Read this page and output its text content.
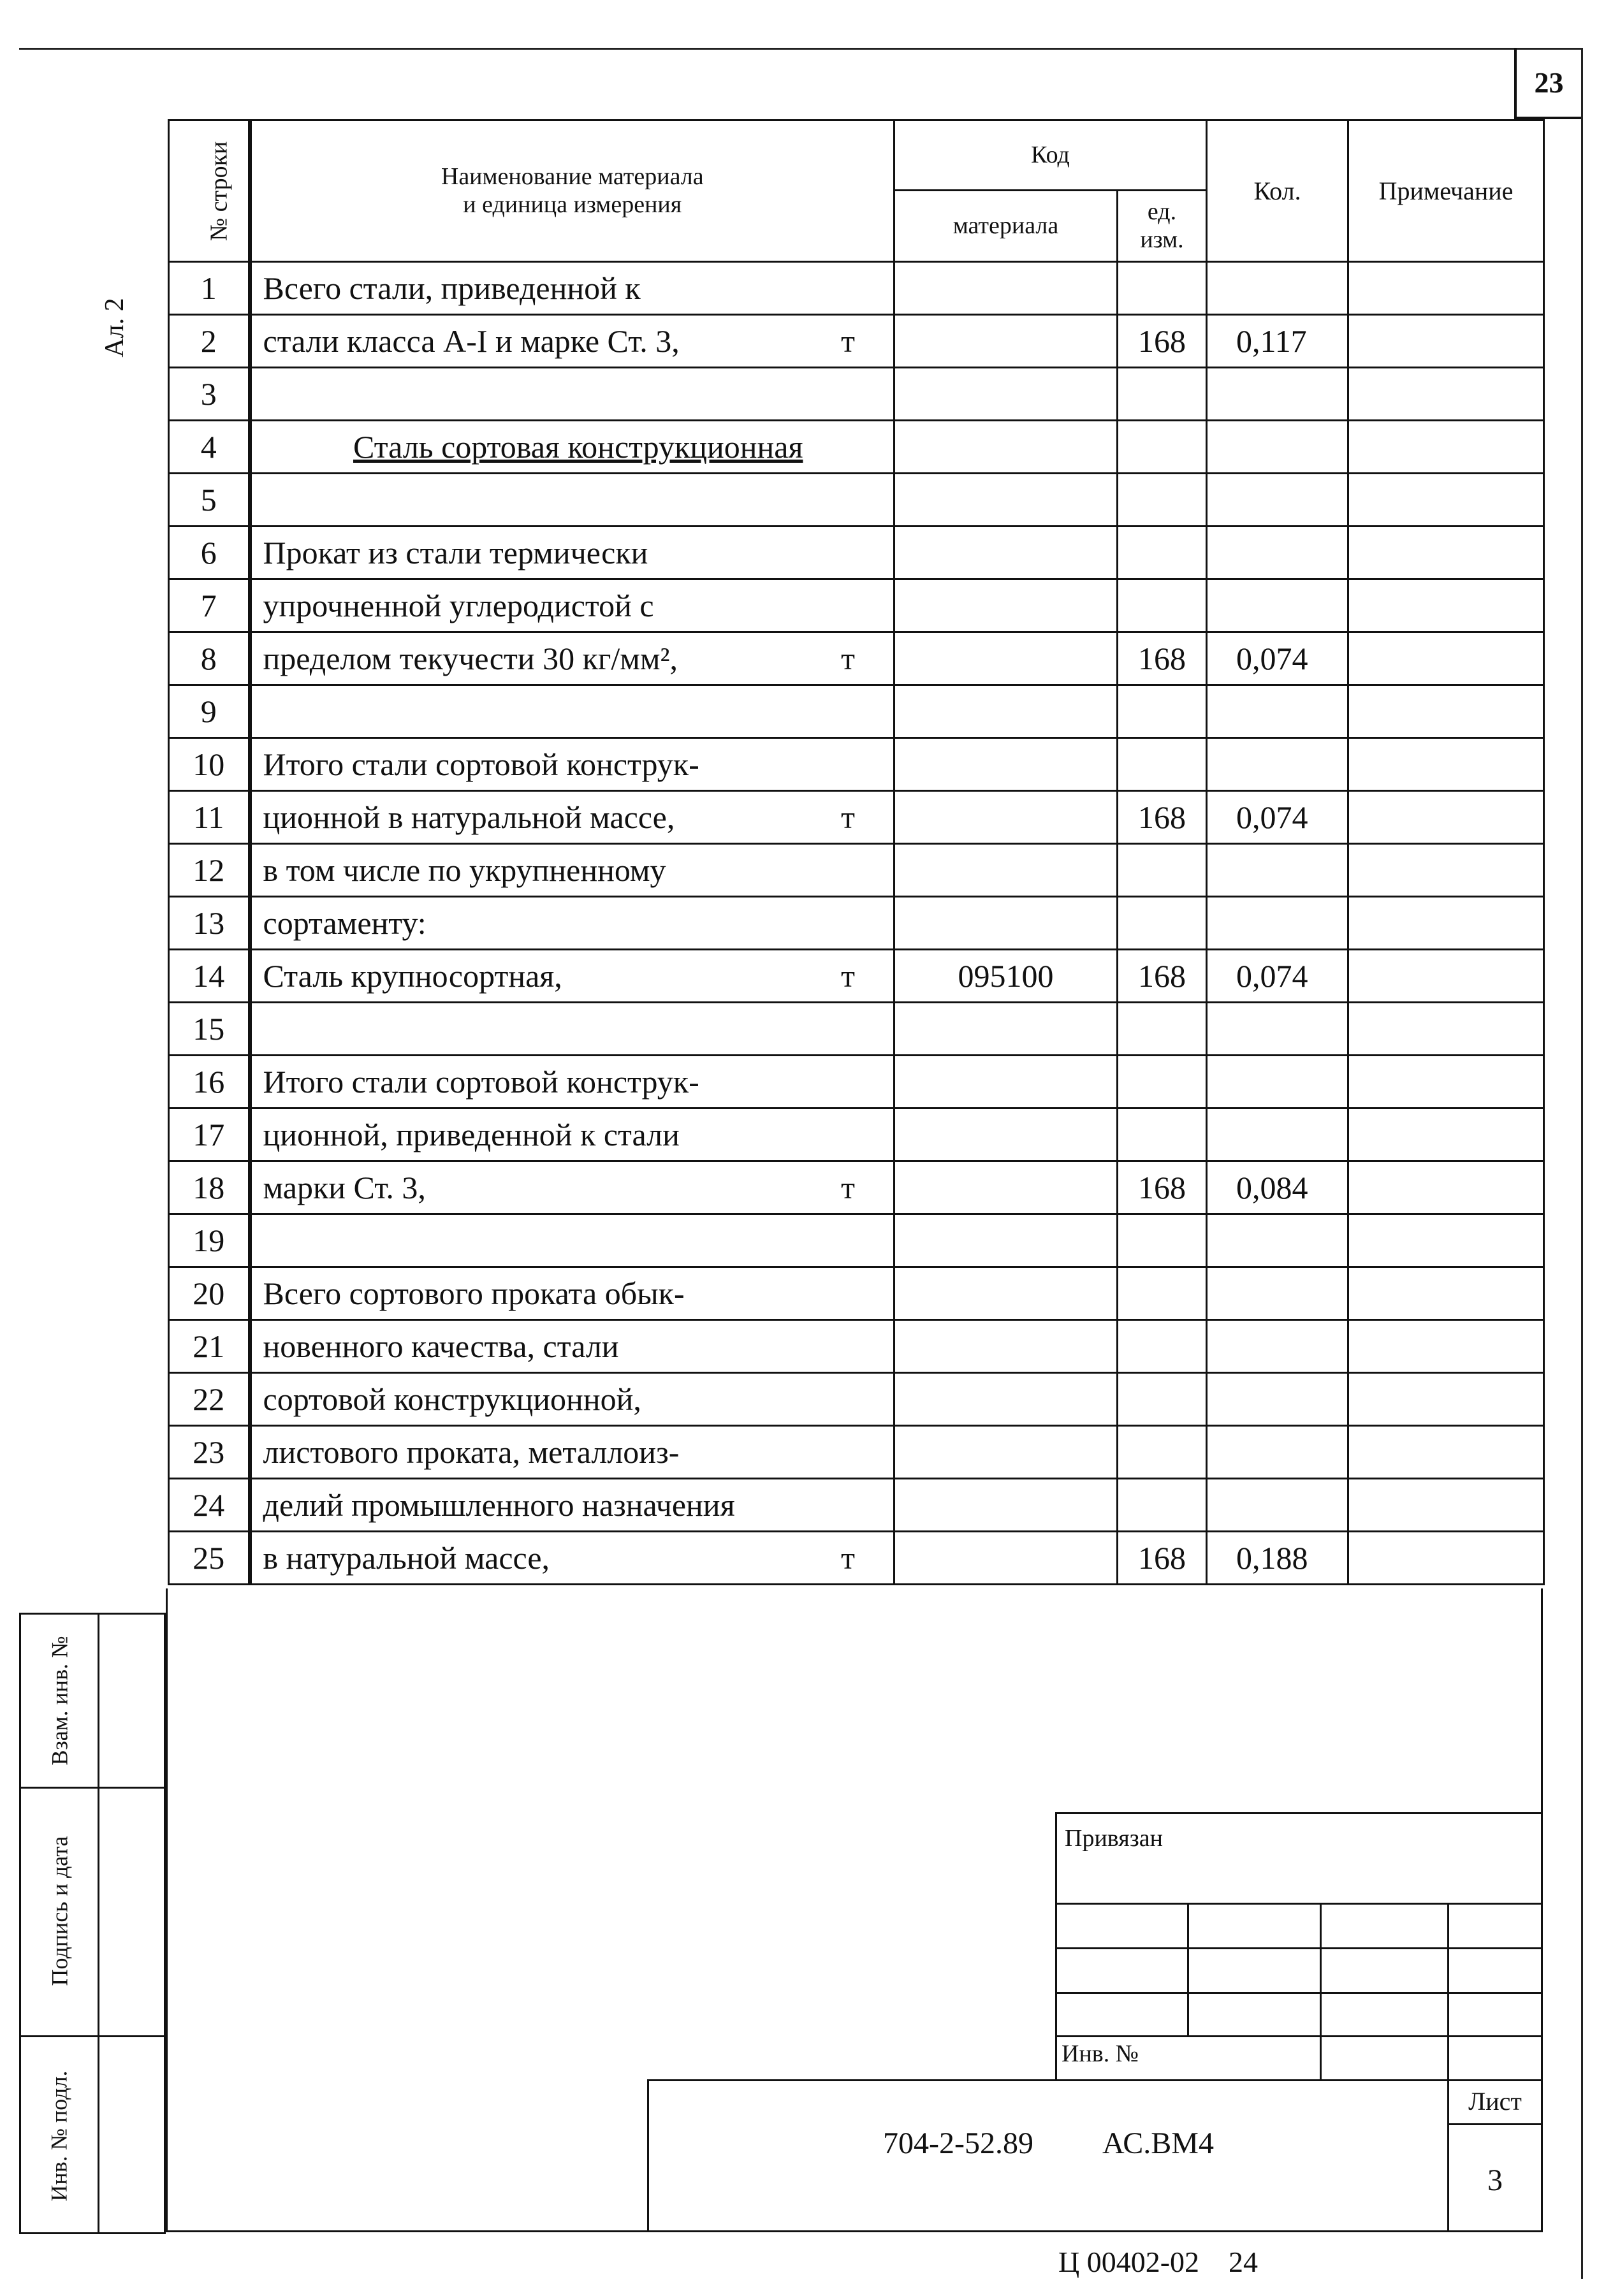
23
Ал. 2
№ строки	Наименование материала
и единица измерения	Код		Кол.	Примечание
		материала	ед.
изм.		
1	Всего стали, приведенной к				

2	стали класса А-I и марке Ст. 3, т		168	0,117	
3	

4	Сталь сортовая конструкционная				

5	

6	Прокат из стали термически				

7	упрочненной углеродистой с				

8	пределом текучести 30 кг/мм², т		168	0,074	
9	

10	Итого стали сортовой конструк-				

11	ционной в натуральной массе, т		168	0,074	
12	в том числе по укрупненному				

13	сортаменту:				

14	Сталь крупносортная, т	095100	168	0,074	
15	

16	Итого стали сортовой конструк-				

17	ционной, приведенной к стали				

18	марки Ст. 3, т		168	0,084	
19	

20	Всего сортового проката обык-				

21	новенного качества, стали				

22	сортовой конструкционной,				

23	листового проката, металлоиз-				

24	делий промышленного назначения				

25	в натуральной массе, т		168	0,188	
Взам. инв. №
Подпись и дата
Инв. № подл.
Привязан
Инв. №
704-2-52.89      АС.ВМ4
Лист
3
Ц 00402-02    24
